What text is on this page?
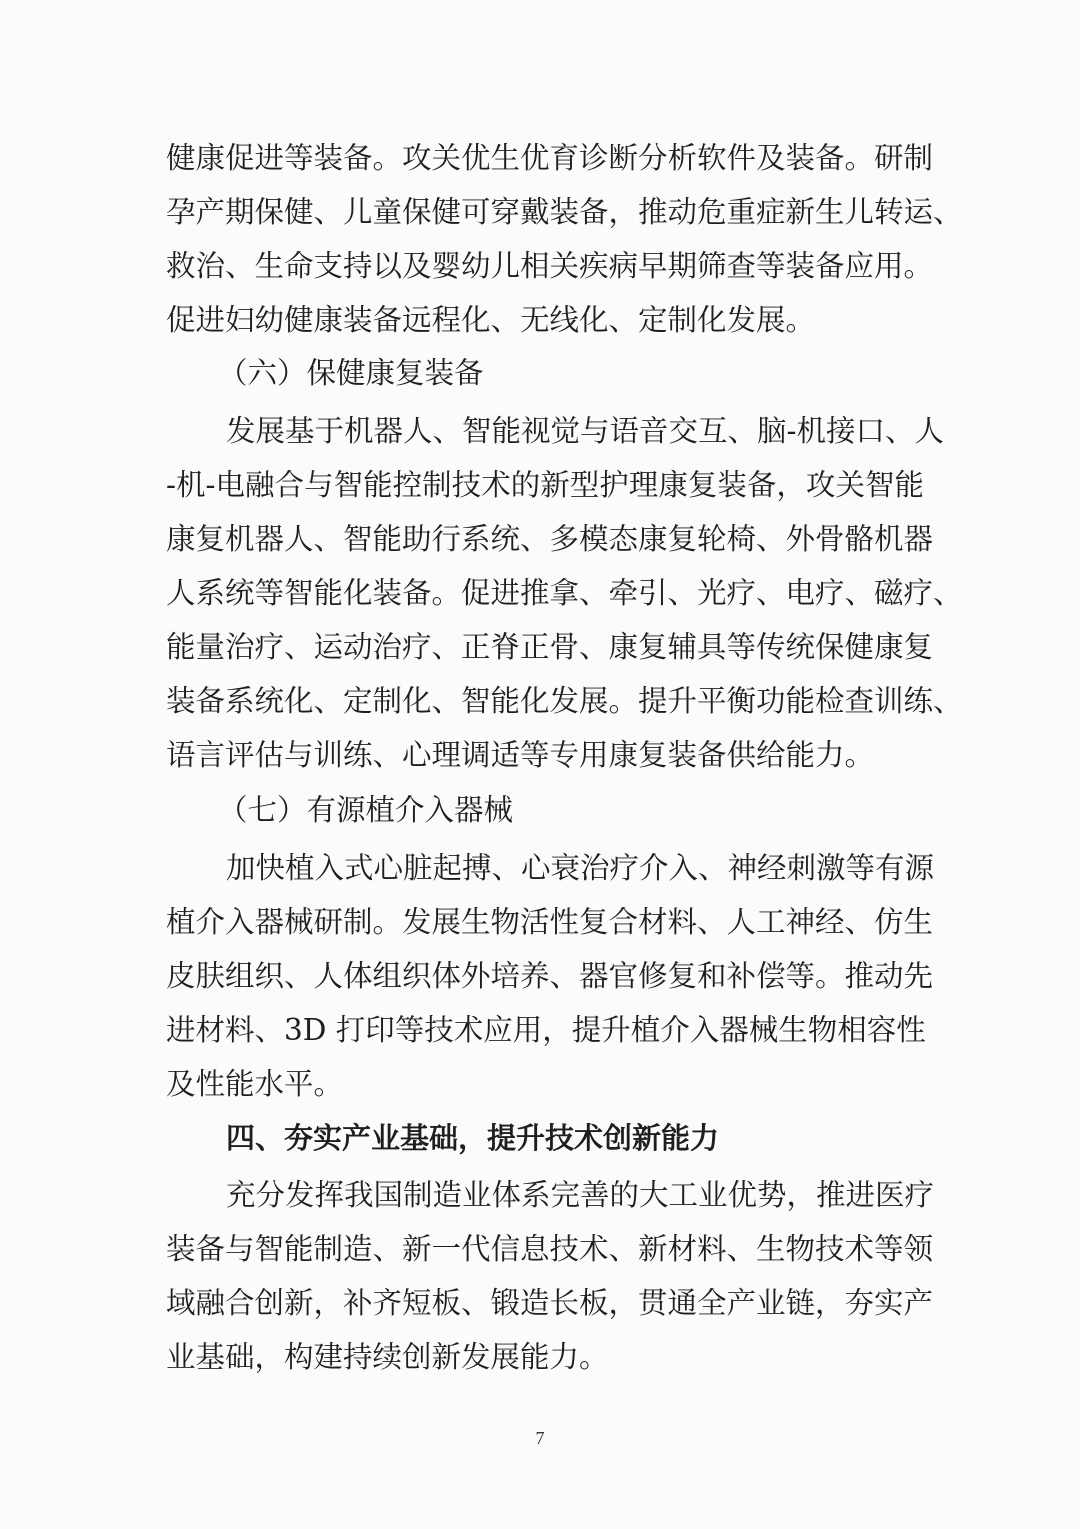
健康促进等装备。攻关优生优育诊断分析软件及装备。研制
孕产期保健、儿童保健可穿戴装备，推动危重症新生儿转运、
救治、生命支持以及婴幼儿相关疾病早期筛查等装备应用。
促进妇幼健康装备远程化、无线化、定制化发展。
（六）保健康复装备
发展基于机器人、智能视觉与语音交互、脑-机接口、人
-机-电融合与智能控制技术的新型护理康复装备，攻关智能
康复机器人、智能助行系统、多模态康复轮椅、外骨骼机器
人系统等智能化装备。促进推拿、牵引、光疗、电疗、磁疗、
能量治疗、运动治疗、正脊正骨、康复辅具等传统保健康复
装备系统化、定制化、智能化发展。提升平衡功能检查训练、
语言评估与训练、心理调适等专用康复装备供给能力。
（七）有源植介入器械
加快植入式心脏起搏、心衰治疗介入、神经刺激等有源
植介入器械研制。发展生物活性复合材料、人工神经、仿生
皮肤组织、人体组织体外培养、器官修复和补偿等。推动先
进材料、3D 打印等技术应用，提升植介入器械生物相容性
及性能水平。
四、夯实产业基础，提升技术创新能力
充分发挥我国制造业体系完善的大工业优势，推进医疗
装备与智能制造、新一代信息技术、新材料、生物技术等领
域融合创新，补齐短板、锻造长板，贯通全产业链，夯实产
业基础，构建持续创新发展能力。
7
